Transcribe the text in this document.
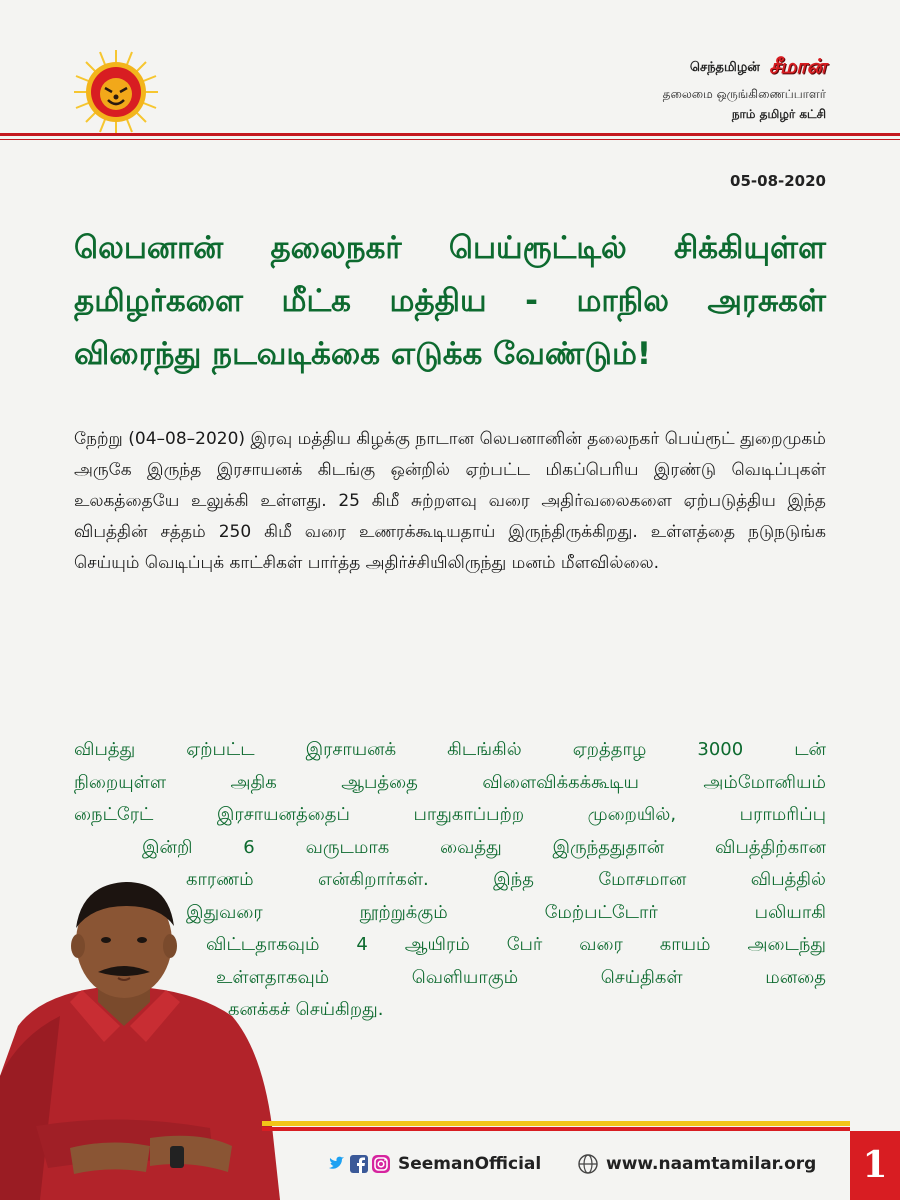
செந்தமிழன் சீமான்
தலைமை ஒருங்கிணைப்பாளர்
நாம் தமிழர் கட்சி
05-08-2020
லெபனான் தலைநகர் பெய்ரூட்டில் சிக்கியுள்ள
தமிழர்களை மீட்க மத்திய - மாநில அரசுகள்
விரைந்து நடவடிக்கை எடுக்க வேண்டும்!

நேற்று (04–08–2020) இரவு மத்திய கிழக்கு நாடான லெபனானின் தலைநகர் பெய்ரூட் துறைமுகம் அருகே இருந்த இரசாயனக் கிடங்கு ஒன்றில் ஏற்பட்ட மிகப்பெரிய இரண்டு வெடிப்புகள் உலகத்தையே உலுக்கி உள்ளது. 25 கிமீ சுற்றளவு வரை அதிர்வலைகளை ஏற்படுத்திய இந்த விபத்தின் சத்தம் 250 கிமீ வரை உணரக்கூடியதாய் இருந்திருக்கிறது. உள்ளத்தை நடுநடுங்க செய்யும் வெடிப்புக் காட்சிகள் பார்த்த அதிர்ச்சியிலிருந்து மனம் மீளவில்லை.

விபத்து ஏற்பட்ட இரசாயனக் கிடங்கில் ஏறத்தாழ 3000 டன்
நிறையுள்ள அதிக ஆபத்தை விளைவிக்கக்கூடிய அம்மோனியம்
நைட்ரேட் இரசாயனத்தைப் பாதுகாப்பற்ற முறையில், பராமரிப்பு
இன்றி 6 வருடமாக வைத்து இருந்ததுதான் விபத்திற்கான
காரணம் என்கிறார்கள். இந்த மோசமான விபத்தில்
இதுவரை நூற்றுக்கும் மேற்பட்டோர் பலியாகி
விட்டதாகவும் 4 ஆயிரம் பேர் வரை காயம் அடைந்து
உள்ளதாகவும் வெளியாகும் செய்திகள் மனதை
கனக்கச் செய்கிறது.

SeemanOfficial	www.naamtamilar.org	1
